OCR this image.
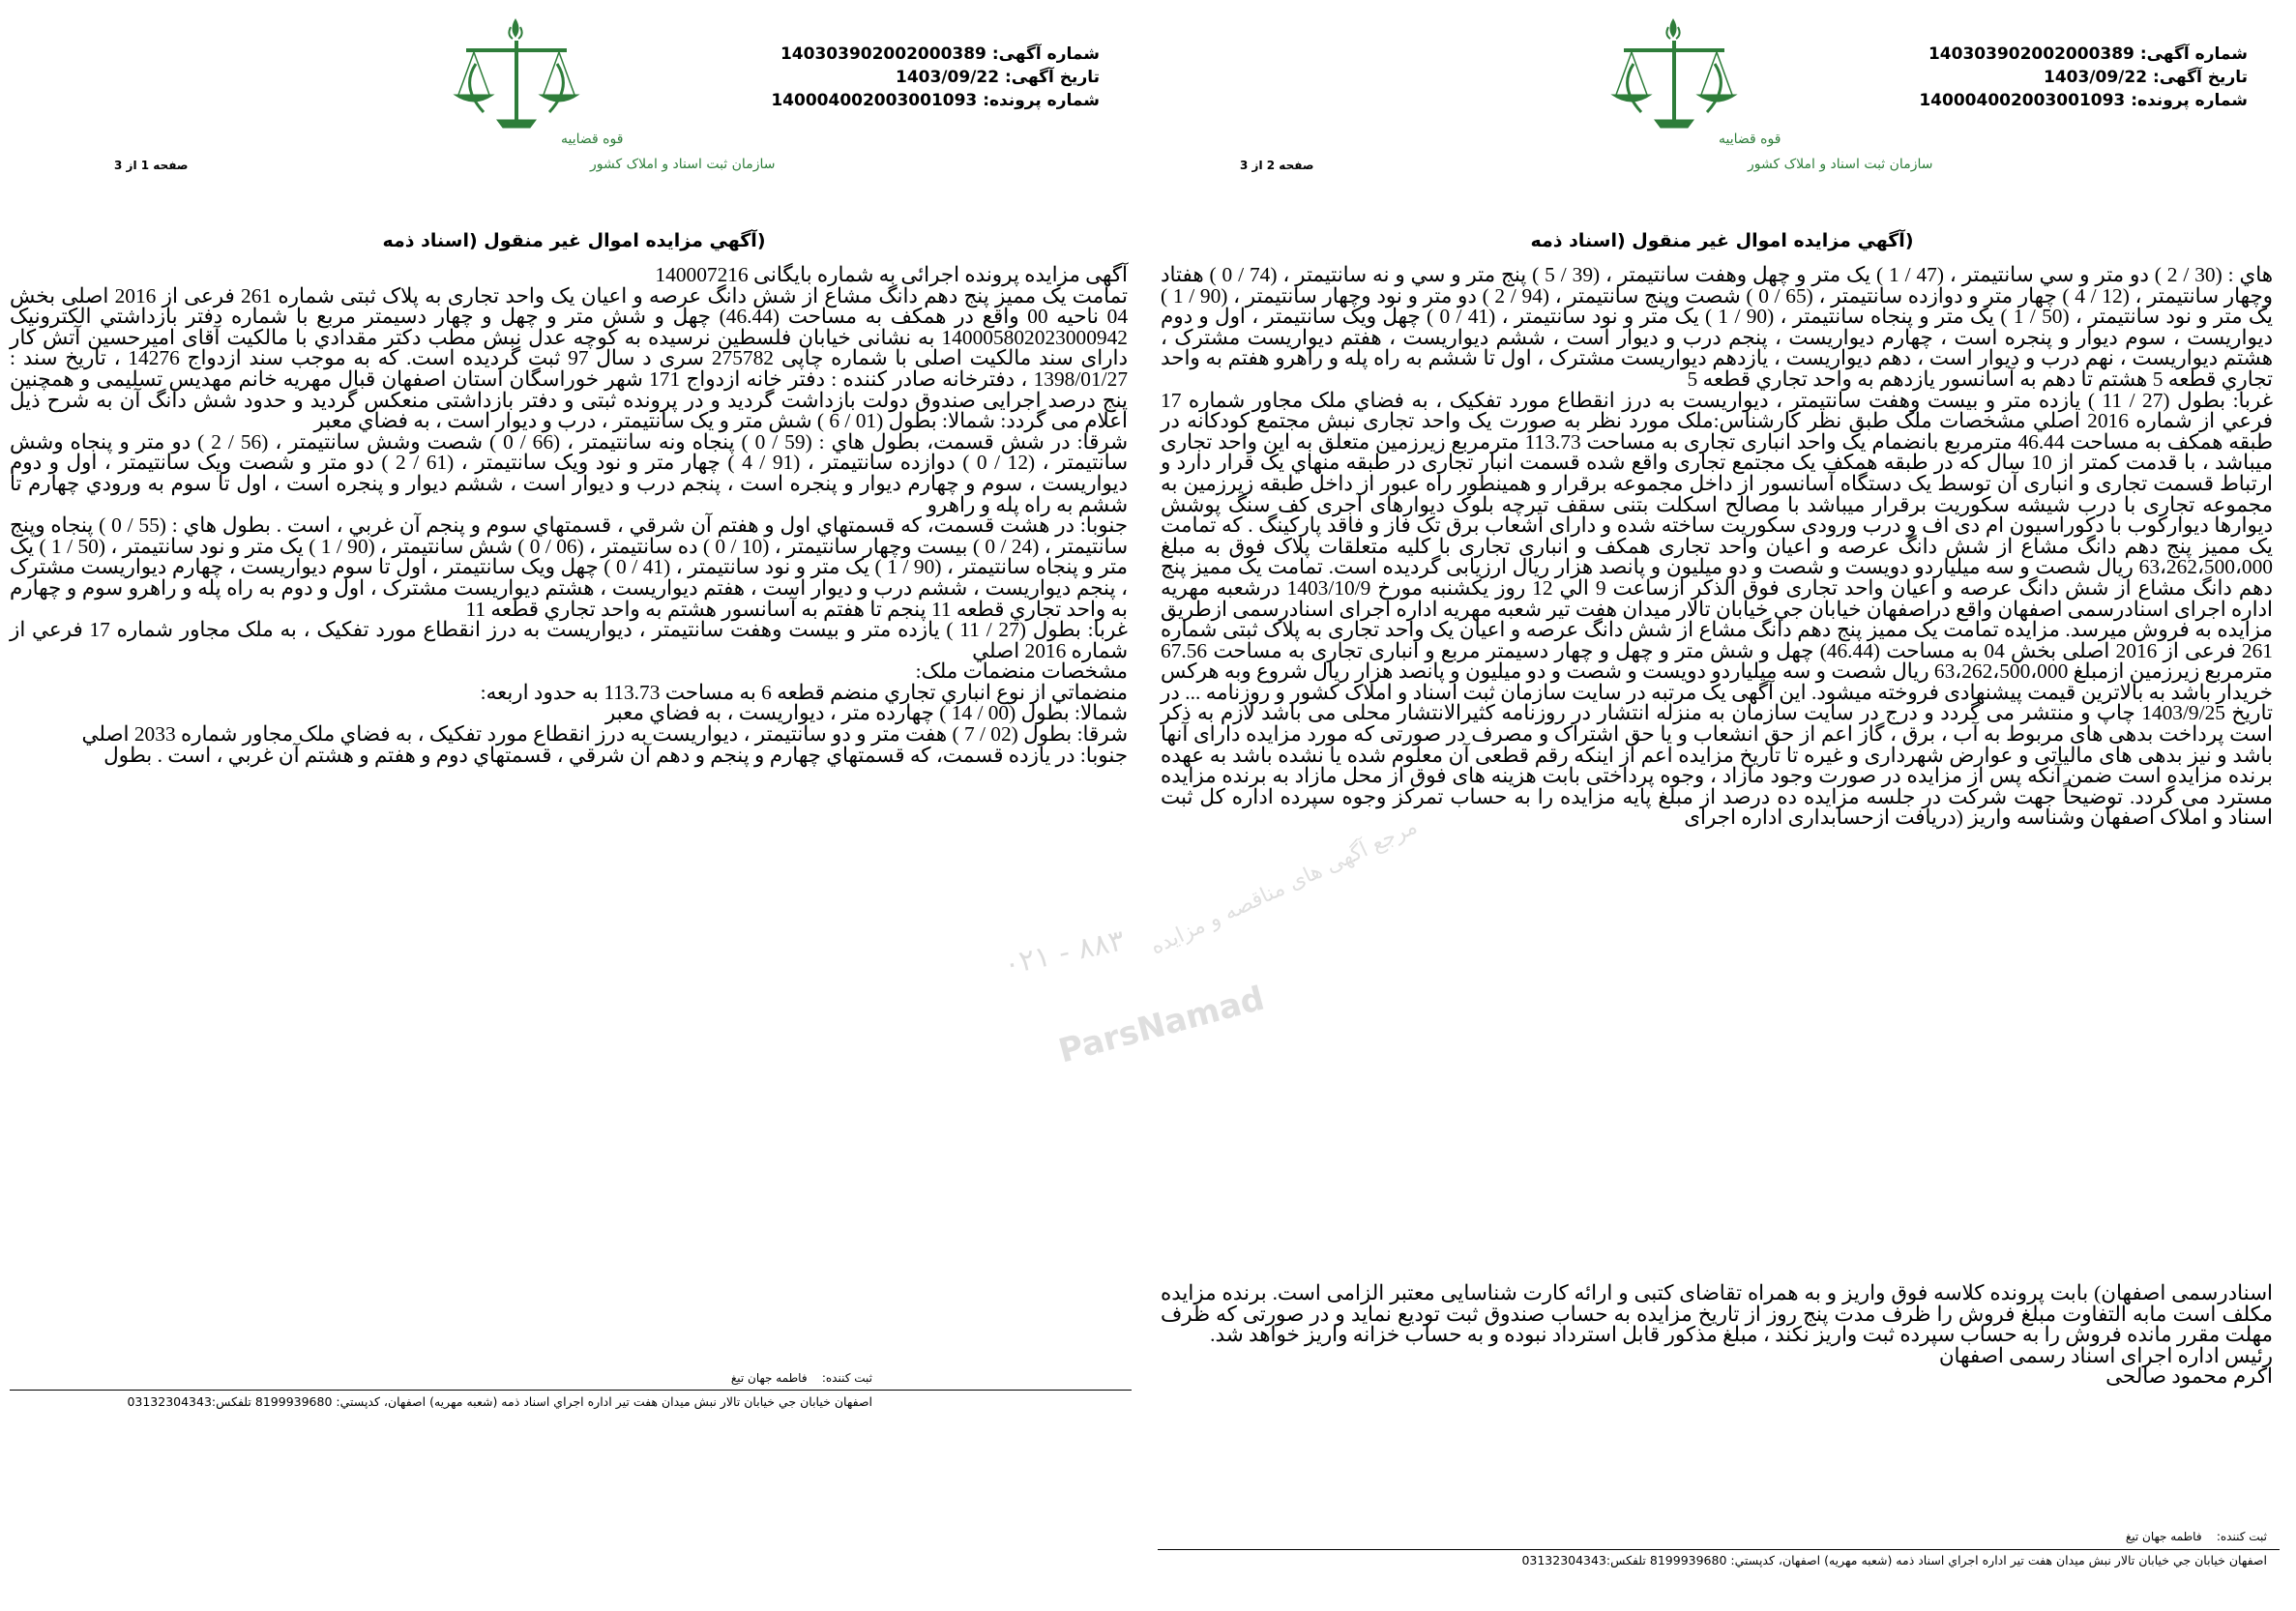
شماره آگهی: 140303902002000389
تاریخ آگهی: 1403/09/22
شماره پرونده: 140004002003001093
قوه قضاییه
سازمان ثبت اسناد و املاک کشور
صفحه 1 از 3
(آگهي مزايده اموال غير منقول (اسناد ذمه

آگهی مزایده پرونده اجرائی به شماره بایگانی 140007216

تمامت يک ممیز پنج دهم دانگ مشاع از شش دانگ عرصه و اعیان یک واحد تجاری به پلاک ثبتی شماره 261 فرعی از 2016 اصلی بخش 04 ناحیه 00 واقع در همکف به مساحت (46.44) چهل و شش متر و چهل و چهار دسیمتر مربع با شماره دفتر بازداشتي الكترونيک 140005802023000942 به نشانی خیابان فلسطین نرسیده به کوچه عدل نبش مطب دکتر مقدادي با مالکیت آقای امیرحسین آتش کار دارای سند مالکیت اصلی با شماره چاپی 275782 سری د سال 97 ثبت گردیده است. که به موجب سند ازدواج 14276 ، تاریخ سند : 1398/01/27 ، دفترخانه صادر کننده : دفتر خانه ازدواج 171 شهر خوراسگان استان اصفهان قبال مهریه خانم مهدیس تسلیمی و همچنین پنج درصد اجرایی صندوق دولت بازداشت گردید و در پرونده ثبتی و دفتر بازداشتی منعکس گردید و حدود شش دانگ آن به شرح ذیل اعلام می گردد: شمالا: بطول (01 / 6 ) شش متر و یک سانتیمتر ، درب و دیوار است ، به فضاي معبر

شرقا: در شش قسمت، بطول هاي : (59 / 0 ) پنجاه ونه سانتيمتر ، (66 / 0 ) شصت وشش سانتيمتر ، (56 / 2 ) دو متر و پنجاه وشش سانتيمتر ، (12 / 0 ) دوازده سانتيمتر ، (91 / 4 ) چهار متر و نود ويک سانتيمتر ، (61 / 2 ) دو متر و شصت ويک سانتيمتر ، اول و دوم ديواريست ، سوم و چهارم ديوار و پنجره است ، پنجم درب و ديوار است ، ششم ديوار و پنجره است ، اول تا سوم به ورودي چهارم تا ششم به راه پله و راهرو

جنوبا: در هشت قسمت، که قسمتهاي اول و هفتم آن شرقي ، قسمتهاي سوم و پنجم آن غربي ، است . بطول هاي : (55 / 0 ) پنجاه وپنج سانتيمتر ، (24 / 0 ) بيست وچهار سانتيمتر ، (10 / 0 ) ده سانتيمتر ، (06 / 0 ) شش سانتيمتر ، (90 / 1 ) يک متر و نود سانتيمتر ، (50 / 1 ) يک متر و پنجاه سانتيمتر ، (90 / 1 ) يک متر و نود سانتيمتر ، (41 / 0 ) چهل ويک سانتيمتر ، اول تا سوم ديواريست ، چهارم ديواريست مشترک ، پنجم ديواريست ، ششم درب و ديوار است ، هفتم ديواريست ، هشتم ديواريست مشترک ، اول و دوم به راه پله و راهرو سوم و چهارم به واحد تجاري قطعه 11 پنجم تا هفتم به آسانسور هشتم به واحد تجاري قطعه 11

غربا: بطول (27 / 11 ) يازده متر و بيست وهفت سانتيمتر ، ديواريست به درز انقطاع مورد تفکيک ، به ملک مجاور شماره 17 فرعي از شماره 2016 اصلي

مشخصات منضمات ملک:

منضماتي از نوع انباري تجاري منضم قطعه 6 به مساحت 113.73 به حدود اربعه:

شمالا: بطول (00 / 14 ) چهارده متر ، ديواريست ، به فضاي معبر

شرقا: بطول (02 / 7 ) هفت متر و دو سانتيمتر ، ديواريست به درز انقطاع مورد تفکيک ، به فضاي ملک مجاور شماره 2033 اصلي

جنوبا: در يازده قسمت، که قسمتهاي چهارم و پنجم و دهم آن شرقي ، قسمتهاي دوم و هفتم و هشتم آن غربي ، است . بطول

ثبت کننده:    فاطمه جهان تیغ
اصفهان خیابان جي خیابان تالار نبش میدان هفت تیر اداره اجراي اسناد ذمه (شعبه مهريه) اصفهان، كدپستي: 8199939680 تلفكس:03132304343
شماره آگهی: 140303902002000389
تاریخ آگهی: 1403/09/22
شماره پرونده: 140004002003001093
قوه قضاییه
سازمان ثبت اسناد و املاک کشور
صفحه 2 از 3
(آگهي مزايده اموال غير منقول (اسناد ذمه
ParsNamad
مرجع آگهی های مناقصه و مزایده
۰۲۱ - ۸۸۳

هاي : (30 / 2 ) دو متر و سي سانتيمتر ، (47 / 1 ) يک متر و چهل وهفت سانتيمتر ، (39 / 5 ) پنج متر و سي و نه سانتيمتر ، (74 / 0 ) هفتاد وچهار سانتيمتر ، (12 / 4 ) چهار متر و دوازده سانتيمتر ، (65 / 0 ) شصت وپنج سانتيمتر ، (94 / 2 ) دو متر و نود وچهار سانتيمتر ، (90 / 1 ) يک متر و نود سانتيمتر ، (50 / 1 ) يک متر و پنجاه سانتيمتر ، (90 / 1 ) يک متر و نود سانتيمتر ، (41 / 0 ) چهل ويک سانتيمتر ، اول و دوم ديواريست ، سوم ديوار و پنجره است ، چهارم ديواريست ، پنجم درب و ديوار است ، ششم ديواريست ، هفتم ديواريست مشترک ، هشتم ديواريست ، نهم درب و ديوار است ، دهم ديواريست ، يازدهم ديواريست مشترک ، اول تا ششم به راه پله و راهرو هفتم به واحد تجاري قطعه 5 هشتم تا دهم به آسانسور يازدهم به واحد تجاري قطعه 5

غربا: بطول (27 / 11 ) يازده متر و بيست وهفت سانتيمتر ، ديواريست به درز انقطاع مورد تفکيک ، به فضاي ملک مجاور شماره 17 فرعي از شماره 2016 اصلي مشخصات ملک طبق نظر کارشناس:ملک مورد نظر به صورت یک واحد تجاری نبش مجتمع کودکانه در طبقه همکف به مساحت 46.44 مترمربع بانضمام یک واحد انباری تجاری به مساحت 113.73 مترمربع زیرزمین متعلق به این واحد تجاری میباشد ، با قدمت کمتر از 10 سال که در طبقه همکف یک مجتمع تجاری واقع شده قسمت انبار تجاری در طبقه منهاي یک قرار دارد و ارتباط قسمت تجاری و انباری آن توسط یک دستگاه آسانسور از داخل مجموعه برقرار و همینطور راه عبور از داخل طبقه زیرزمین به مجموعه تجاری با درب شیشه سکوریت برقرار میباشد با مصالح اسکلت بتنی سقف تیرچه بلوک دیوارهای آجری کف سنگ پوشش دیوارها دیوارکوب با دکوراسیون ام دی اف و درب ورودی سکوریت ساخته شده و دارای اشعاب برق تک فاز و فاقد پارکینگ . که تمامت یک ممیز پنج دهم دانگ مشاع از شش دانگ عرصه و اعیان واحد تجاری همکف و انباری تجاری با کلیه متعلقات پلاک فوق به مبلغ 63،262،500،000 ريال شصت و سه میلیاردو دویست و شصت و دو میلیون و پانصد هزار ریال ارزیابی گردیده است. تمامت یک ممیز پنج دهم دانگ مشاع از شش دانگ عرصه و اعیان واحد تجاری فوق الذکر ازساعت 9 الي 12 روز یکشنبه مورخ 1403/10/9 درشعبه مهریه اداره اجرای اسنادرسمی اصفهان واقع دراصفهان خیابان جي خیابان تالار میدان هفت تیر شعبه مهریه اداره اجرای اسنادرسمی ازطریق مزایده به فروش میرسد. مزایده تمامت یک ممیز پنج دهم دانگ مشاع از شش دانگ عرصه و اعیان یک واحد تجاری به پلاک ثبتی شماره 261 فرعی از 2016 اصلی بخش 04 به مساحت (46.44) چهل و شش متر و چهل و چهار دسیمتر مربع و انباری تجاری به مساحت 67.56 مترمربع زیرزمین ازمبلغ 63،262،500،000 ریال شصت و سه میلیاردو دویست و شصت و دو میلیون و پانصد هزار ریال شروع وبه هرکس خریدار باشد به بالاترین قیمت پیشنهادی فروخته میشود. این آگهی یک مرتبه در سایت سازمان ثبت اسناد و املاک کشور و روزنامه ... در تاریخ 1403/9/25 چاپ و منتشر می گردد و درج در سایت سازمان به منزله انتشار در روزنامه کثیرالانتشار محلی می باشد لازم به ذکر است پرداخت بدهی های مربوط به آب ، برق ، گاز اعم از حق انشعاب و یا حق اشتراک و مصرف در صورتی که مورد مزایده دارای آنها باشد و نیز بدهی های مالیاتی و عوارض شهرداری و غیره تا تاریخ مزایده اعم از اینکه رقم قطعی آن معلوم شده یا نشده باشد به عهده برنده مزایده است ضمن آنکه پس از مزایده در صورت وجود مازاد ، وجوه پرداختی بابت هزینه های فوق از محل مازاد به برنده مزایده مسترد می گردد. توضیحاً جهت شرکت در جلسه مزایده ده درصد از مبلغ پایه مزایده را به حساب تمرکز وجوه سپرده اداره کل ثبت اسناد و املاک اصفهان وشناسه واریز (دریافت ازحسابداری اداره اجرای

اسنادرسمی اصفهان) بابت پرونده کلاسه فوق واریز و به همراه تقاضای کتبی و ارائه کارت شناسایی معتبر الزامی است. برنده مزایده مکلف است مابه التفاوت مبلغ فروش را ظرف مدت پنج روز از تاریخ مزایده به حساب صندوق ثبت تودیع نماید و در صورتی که ظرف مهلت مقرر مانده فروش را به حساب سپرده ثبت واریز نکند ، مبلغ مذکور قابل استرداد نبوده و به حساب خزانه واریز خواهد شد.

رئیس اداره اجرای اسناد رسمی اصفهان

اکرم محمود صالحی

ثبت کننده:    فاطمه جهان تیغ
اصفهان خیابان جي خیابان تالار نبش میدان هفت تیر اداره اجراي اسناد ذمه (شعبه مهريه) اصفهان، كدپستي: 8199939680 تلفكس:03132304343
